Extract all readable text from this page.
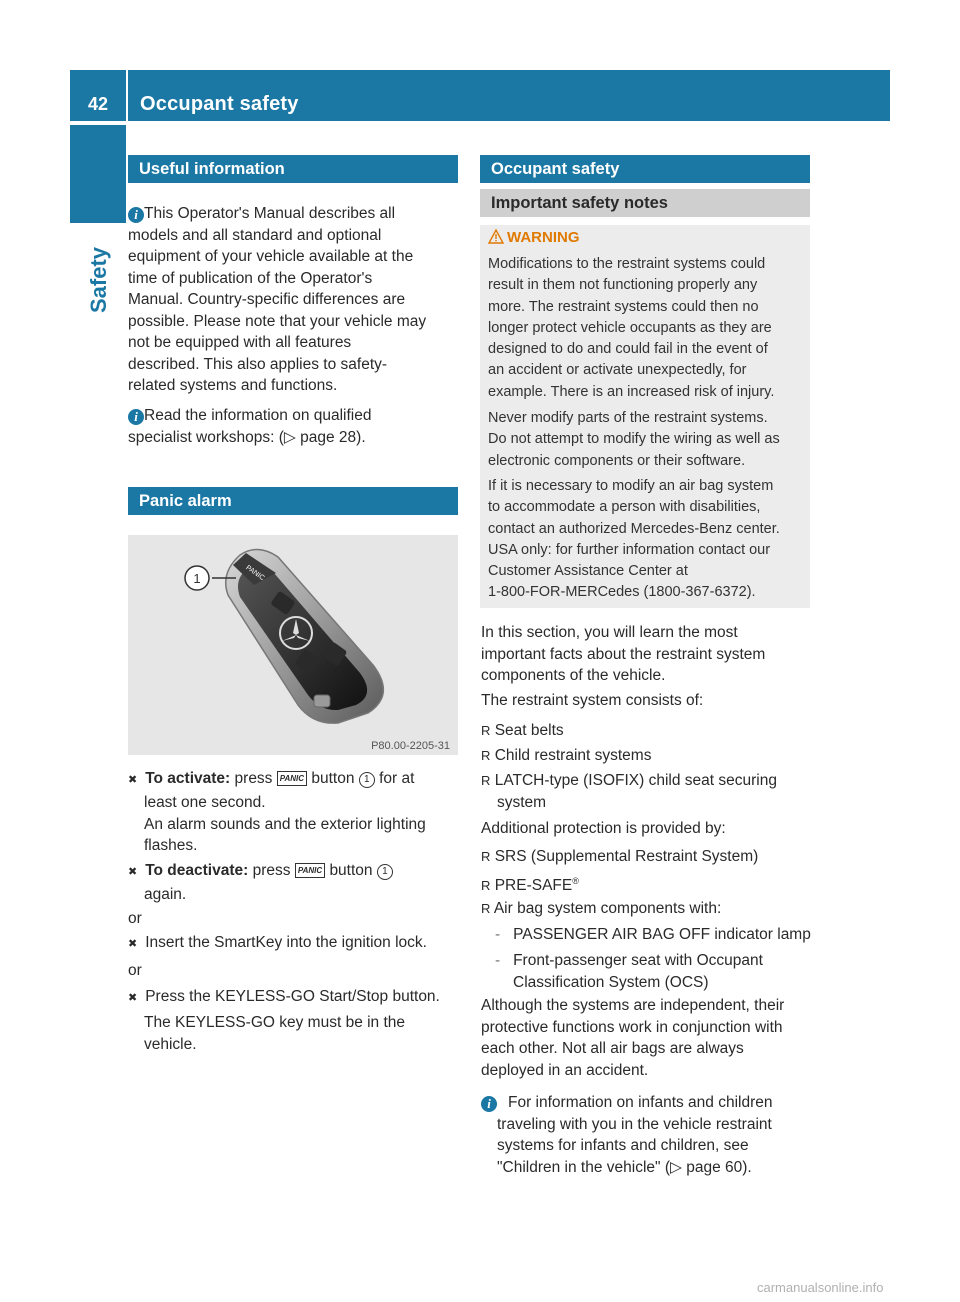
42	Occupant safety
Safety
Useful information
i This Operator's Manual describes all
models and all standard and optional
equipment of your vehicle available at the
time of publication of the Operator's
Manual. Country-specific differences are
possible. Please note that your vehicle may
not be equipped with all features
described. This also applies to safety-
related systems and functions.
i Read the information on qualified
specialist workshops: (▷ page 28).
Panic alarm
PANIC
1
P80.00-2205-31
✖ To activate: press PANIC button 1 for at
least one second.
An alarm sounds and the exterior lighting
flashes.
✖ To deactivate: press PANIC button 1
again.
or
✖ Insert the SmartKey into the ignition lock.
or
✖ Press the KEYLESS-GO Start/Stop button.
The KEYLESS-GO key must be in the
vehicle.
Occupant safety
Important safety notes
WARNING
Modifications to the restraint systems could
result in them not functioning properly any
more. The restraint systems could then no
longer protect vehicle occupants as they are
designed to do and could fail in the event of
an accident or activate unexpectedly, for
example. There is an increased risk of injury.
Never modify parts of the restraint systems.
Do not attempt to modify the wiring as well as
electronic components or their software.
If it is necessary to modify an air bag system
to accommodate a person with disabilities,
contact an authorized Mercedes-Benz center.
USA only: for further information contact our
Customer Assistance Center at
1-800-FOR-MERCedes (1800-367-6372).
In this section, you will learn the most
important facts about the restraint system
components of the vehicle.
The restraint system consists of:
R Seat belts
R Child restraint systems
R LATCH-type (ISOFIX) child seat securing
system
Additional protection is provided by:
R SRS (Supplemental Restraint System)
R PRE-SAFE®
R Air bag system components with:
- PASSENGER AIR BAG OFF indicator lamp
- Front-passenger seat with Occupant
Classification System (OCS)
Although the systems are independent, their
protective functions work in conjunction with
each other. Not all air bags are always
deployed in an accident.
i	For information on infants and children
traveling with you in the vehicle restraint
systems for infants and children, see
"Children in the vehicle" (▷ page 60).
carmanualsonline.info
